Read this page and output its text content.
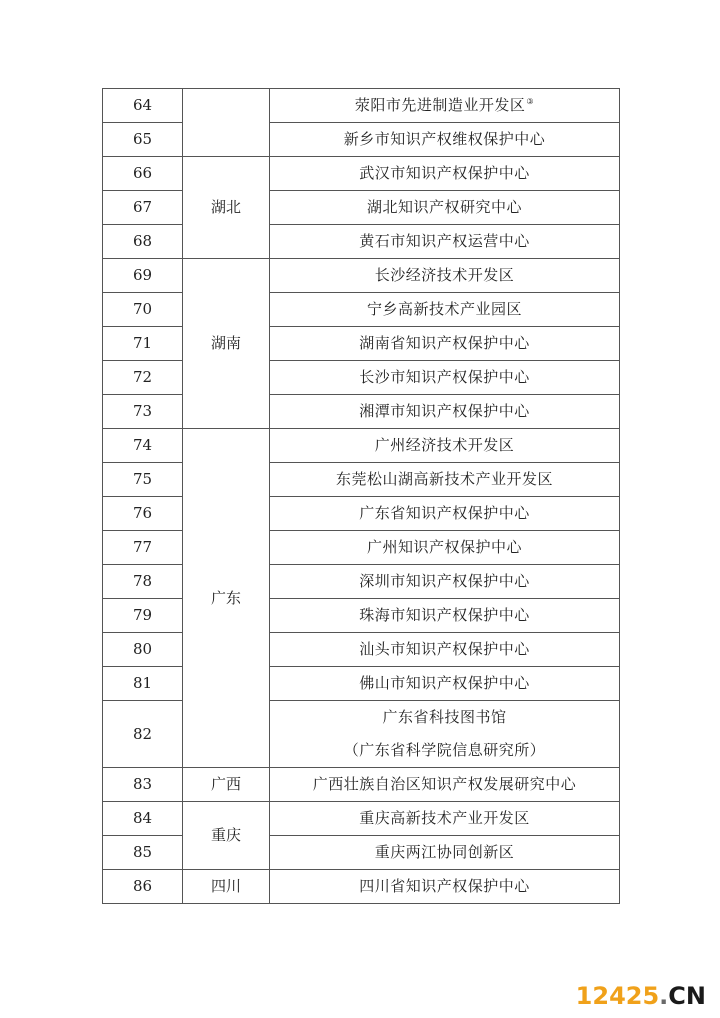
64		荥阳市先进制造业开发区③
65		新乡市知识产权维权保护中心
66	湖北	武汉市知识产权保护中心
67		湖北知识产权研究中心
68		黄石市知识产权运营中心
69	湖南	长沙经济技术开发区
70		宁乡高新技术产业园区
71		湖南省知识产权保护中心
72		长沙市知识产权保护中心
73		湘潭市知识产权保护中心
74	广东	广州经济技术开发区
75		东莞松山湖高新技术产业开发区
76		广东省知识产权保护中心
77		广州知识产权保护中心
78		深圳市知识产权保护中心
79		珠海市知识产权保护中心
80		汕头市知识产权保护中心
81		佛山市知识产权保护中心
82		广东省科技图书馆
（广东省科学院信息研究所）

83	广西	广西壮族自治区知识产权发展研究中心
84	重庆	重庆高新技术产业开发区
85		重庆两江协同创新区
86	四川	四川省知识产权保护中心
12425.CN
